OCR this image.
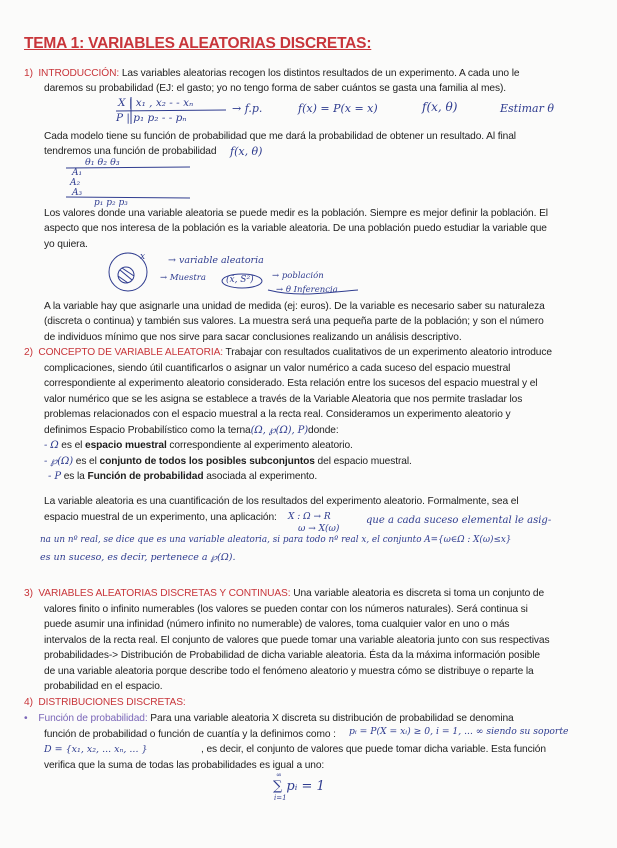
TEMA 1: VARIABLES ALEATORIAS DISCRETAS:
1) INTRODUCCIÓN: Las variables aleatorias recogen los distintos resultados de un experimento. A cada uno le
daremos su probabilidad (EJ: el gasto; yo no tengo forma de saber cuántos se gasta una familia al mes).
X | x₁ , x₂ - - xₙ
P | p₁ p₂ - - pₙ
→ f.p.	f(x) = P(x = x)	f(x, θ)	Estimar θ
Cada modelo tiene su función de probabilidad que me dará la probabilidad de obtener un resultado. Al final
tendremos una función de probabilidad f(x, θ)
θ₁ θ₂ θ₃
A₁
A₂
A₃
p₁ p₂ p₃
Los valores donde una variable aleatoria se puede medir es la población. Siempre es mejor definir la población. El
aspecto que nos interesa de la población es la variable aleatoria. De una población puedo estudiar la variable que
yo quiera.
x → variable aleatoria
→ Muestra (x̄, S²) → población
→ θ Inferencia
A la variable hay que asignarle una unidad de medida (ej: euros). De la variable es necesario saber su naturaleza
(discreta o continua) y también sus valores. La muestra será una pequeña parte de la población; y son el número
de individuos mínimo que nos sirve para sacar conclusiones realizando un análisis descriptivo.
2) CONCEPTO DE VARIABLE ALEATORIA: Trabajar con resultados cualitativos de un experimento aleatorio introduce
complicaciones, siendo útil cuantificarlos o asignar un valor numérico a cada suceso del espacio muestral
correspondiente al experimento aleatorio considerado. Esta relación entre los sucesos del espacio muestral y el
valor numérico que se les asigna se establece a través de la Variable Aleatoria que nos permite trasladar los
problemas relacionados con el espacio muestral a la recta real. Consideramos un experimento aleatorio y
definimos Espacio Probabilístico como la terna(Ω, ℘(Ω), P)donde:
- Ω es el espacio muestral correspondiente al experimento aleatorio.
- ℘(Ω) es el conjunto de todos los posibles subconjuntos del espacio muestral.
- P es la Función de probabilidad asociada al experimento.
La variable aleatoria es una cuantificación de los resultados del experimento aleatorio. Formalmente, sea el
espacio muestral de un experimento, una aplicación: X : Ω → R
ω → X(ω)
que a cada suceso elemental le asig-
na un nº real, se dice que es una variable aleatoria, si para todo nº real x, el conjunto A={ω∈Ω : X(ω)≤x}
es un suceso, es decir, pertenece a ℘(Ω).
3) VARIABLES ALEATORIAS DISCRETAS Y CONTINUAS: Una variable aleatoria es discreta si toma un conjunto de
valores finito o infinito numerables (los valores se pueden contar con los números naturales). Será continua si
puede asumir una infinidad (número infinito no numerable) de valores, toma cualquier valor en uno o más
intervalos de la recta real. El conjunto de valores que puede tomar una variable aleatoria junto con sus respectivas
probabilidades-> Distribución de Probabilidad de dicha variable aleatoria. Ésta da la máxima información posible
de una variable aleatoria porque describe todo el fenómeno aleatorio y muestra cómo se distribuye o reparte la
probabilidad en el espacio.
4) DISTRIBUCIONES DISCRETAS:
• Función de probabilidad: Para una variable aleatoria X discreta su distribución de probabilidad se denomina
función de probabilidad o función de cuantía y la definimos como : pᵢ = P(X = xᵢ) ≥ 0, i = 1, ... ∞ siendo su soporte
D = {x₁, x₂, ... xₙ, ... }	, es decir, el conjunto de valores que puede tomar dicha variable. Esta función
verifica que la suma de todas las probabilidades es igual a uno:
∞
∑ pᵢ = 1
i=1
